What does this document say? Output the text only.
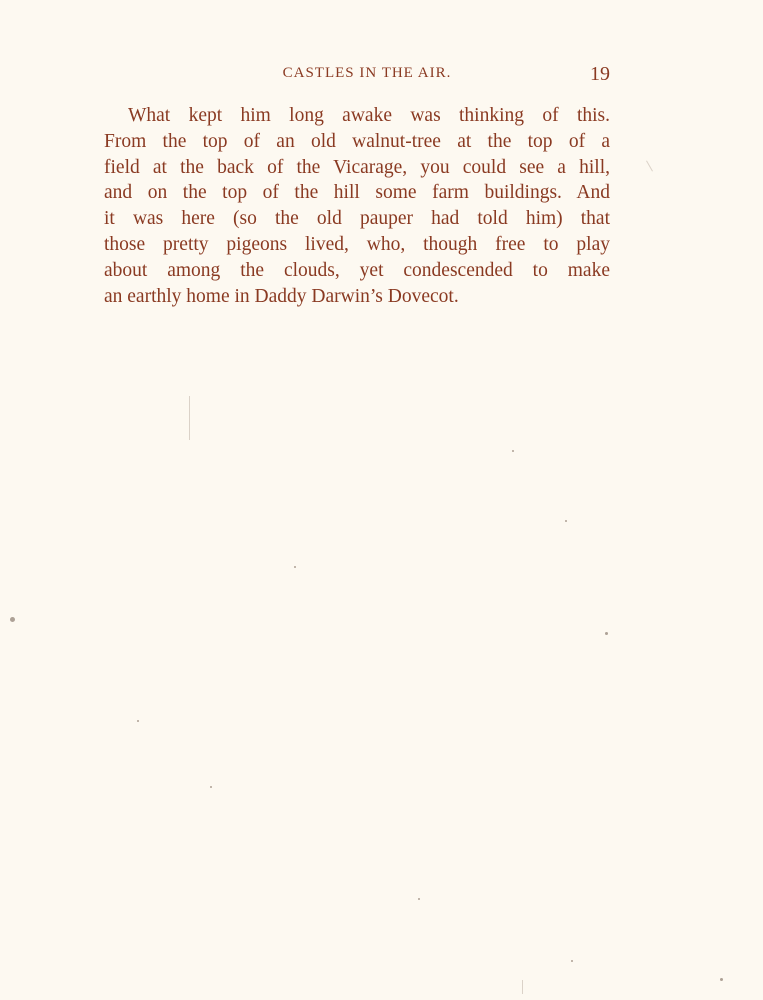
CASTLES IN THE AIR.	19

What kept him long awake was thinking of this.
From the top of an old walnut-tree at the top of a
field at the back of the Vicarage, you could see a hill,
and on the top of the hill some farm buildings. And
it was here (so the old pauper had told him) that
those pretty pigeons lived, who, though free to play
about among the clouds, yet condescended to make
an earthly home in Daddy Darwin’s Dovecot.
